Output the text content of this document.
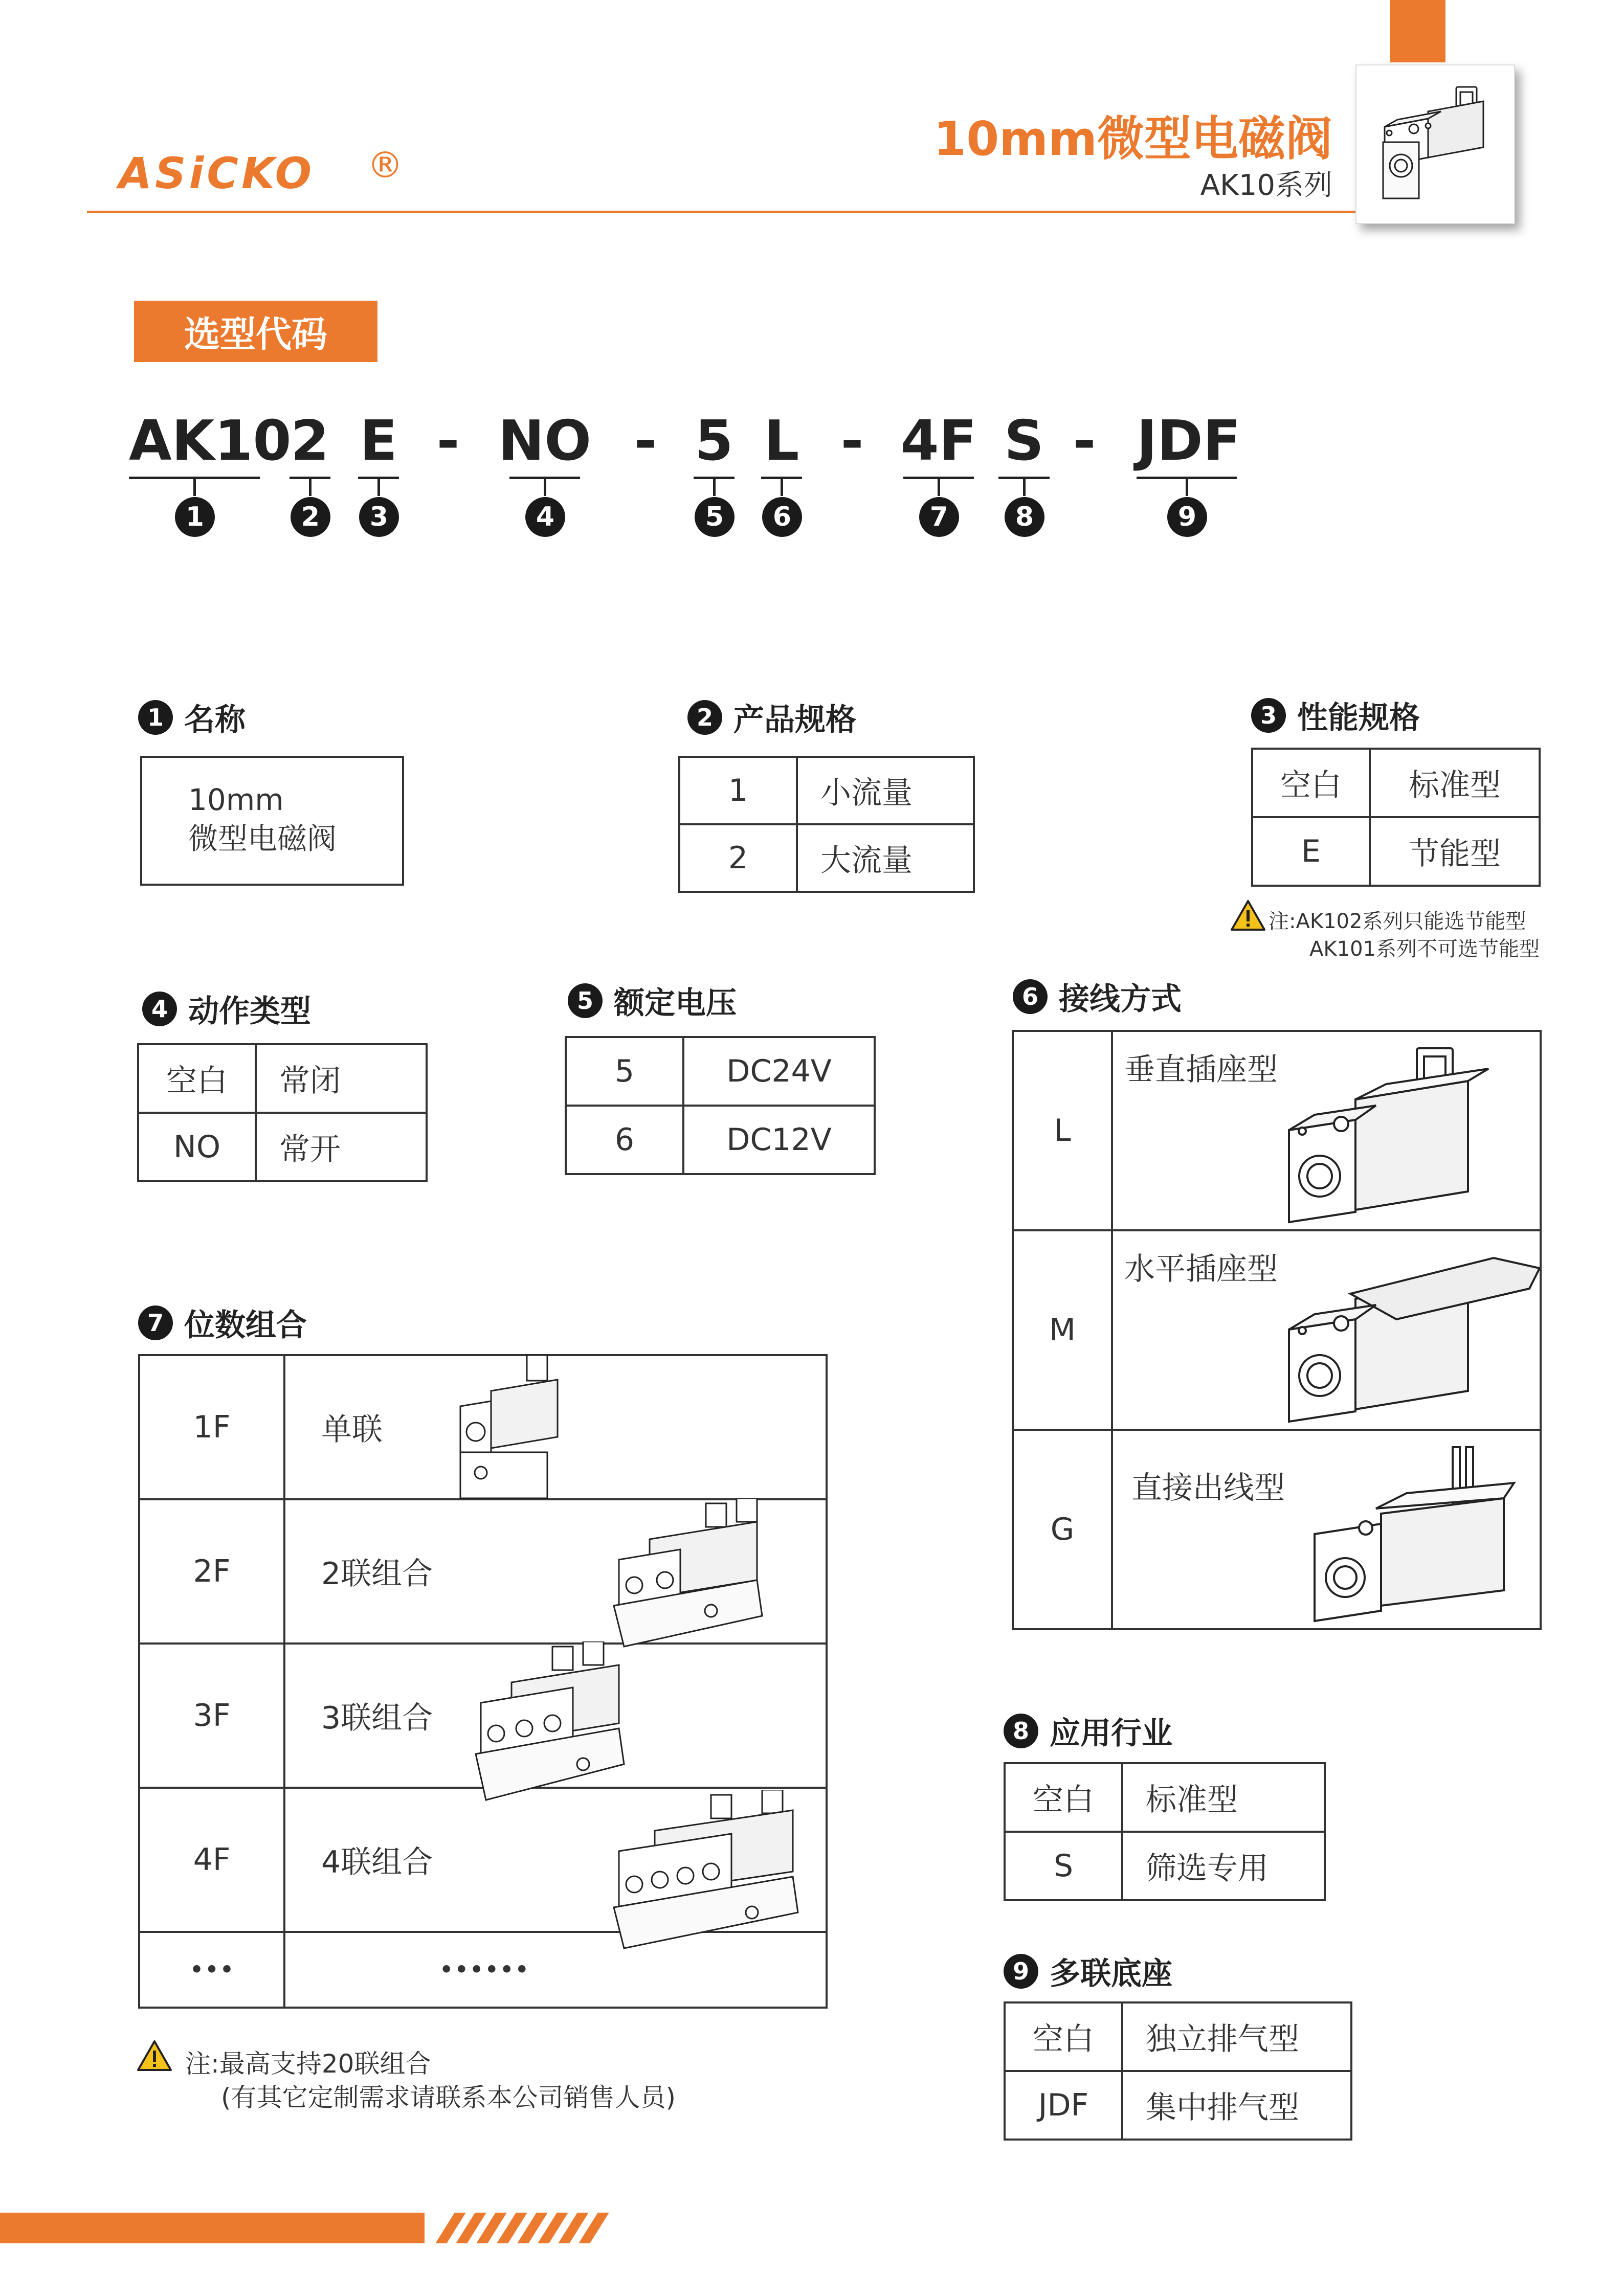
ASiCKO ®	10mm微型电磁阀
AK10系列
选型代码
AK10
2 E - NO - 5 L - 4F S - JDF
1	2	3	4	5	6	7	8	9
1 名称
10mm
微型电磁阀
2 产品规格
1	小流量
2	大流量
3 性能规格
空白	标准型
E	节能型
注:AK102系列只能选节能型
AK101系列不可选节能型
4 动作类型
空白	常闭
NO	常开
5 额定电压
5	DC24V
6	DC12V
6 接线方式
L	垂直插座型
M	水平插座型
G	直接出线型
7 位数组合
1F	单联
2F	2联组合
3F	3联组合
4F	4联组合
•••	••••••
注:最高支持20联组合
(有其它定制需求请联系本公司销售人员)
8 应用行业
空白	标准型
S	筛选专用
9 多联底座
空白	独立排气型
JDF	集中排气型
